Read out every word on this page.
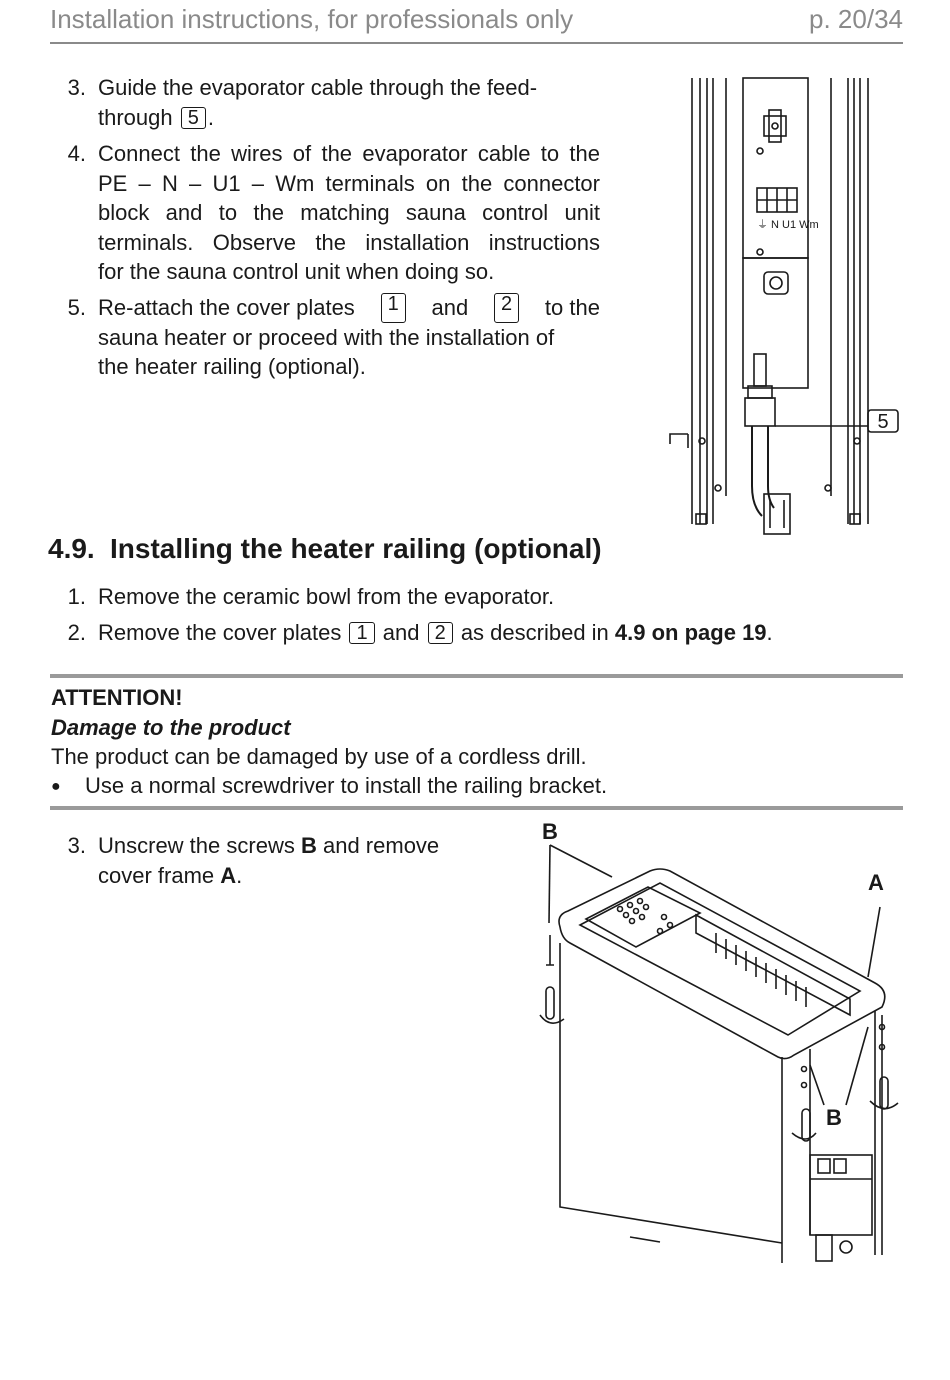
Installation instructions, for professionals only	p. 20/34
3. Guide the evaporator cable through the feed-
through 5 .
4. Connect the wires of the evaporator cable to the
PE – N – U1 – Wm terminals on the connector
block and to the matching sauna control unit
terminals. Observe the installation instructions
for the sauna control unit when doing so.
5. Re-attach the cover plates	1	and	2	to the
sauna heater or proceed with the installation of
the heater railing (optional).
⏚ N U1 Wm
5
4.9. Installing the heater railing (optional)
1. Remove the ceramic bowl from the evaporator.
2. Remove the cover plates 1 and 2 as described in 4.9 on page 19.
ATTENTION!
Damage to the product
The product can be damaged by use of a cordless drill.
● Use a normal screwdriver to install the railing bracket.
3. Unscrew the screws B and remove
cover frame A.
B
A
B
